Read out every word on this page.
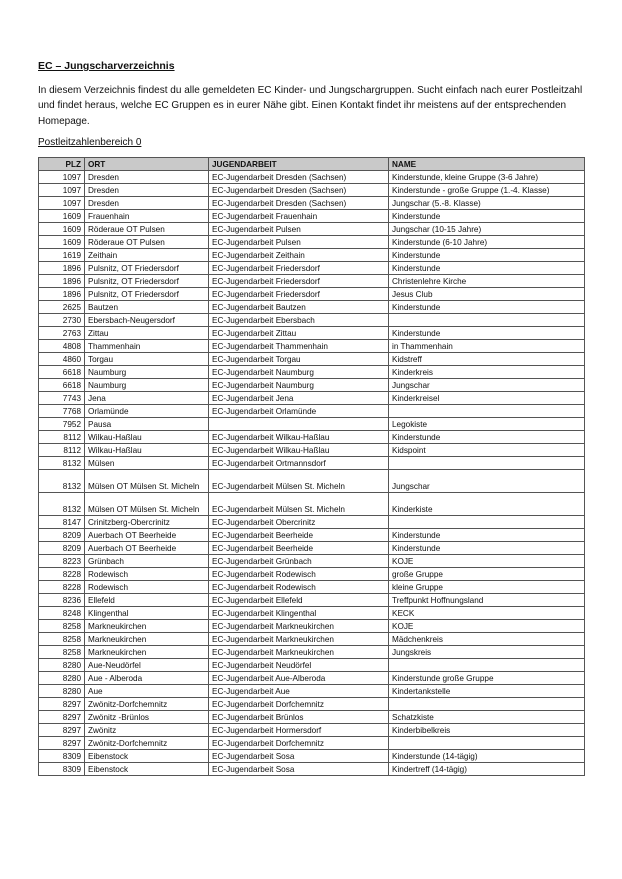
EC – Jungscharverzeichnis
In diesem Verzeichnis findest du alle gemeldeten EC Kinder- und Jungschargruppen. Sucht einfach nach eurer Postleitzahl und findet heraus, welche EC Gruppen es in eurer Nähe gibt. Einen Kontakt findet ihr meistens auf der entsprechenden Homepage.
Postleitzahlenbereich 0
PLZ	ORT	JUGENDARBEIT	NAME
1097	Dresden	EC-Jugendarbeit Dresden (Sachsen)	Kinderstunde, kleine Gruppe (3-6 Jahre)
1097	Dresden	EC-Jugendarbeit Dresden (Sachsen)	Kinderstunde - große Gruppe (1.-4. Klasse)
1097	Dresden	EC-Jugendarbeit Dresden (Sachsen)	Jungschar (5.-8. Klasse)
1609	Frauenhain	EC-Jugendarbeit Frauenhain	Kinderstunde
1609	Röderaue OT Pulsen	EC-Jugendarbeit Pulsen	Jungschar (10-15 Jahre)
1609	Röderaue OT Pulsen	EC-Jugendarbeit Pulsen	Kinderstunde (6-10 Jahre)
1619	Zeithain	EC-Jugendarbeit Zeithain	Kinderstunde
1896	Pulsnitz, OT Friedersdorf	EC-Jugendarbeit Friedersdorf	Kinderstunde
1896	Pulsnitz, OT Friedersdorf	EC-Jugendarbeit Friedersdorf	Christenlehre Kirche
1896	Pulsnitz, OT Friedersdorf	EC-Jugendarbeit Friedersdorf	Jesus Club
2625	Bautzen	EC-Jugendarbeit Bautzen	Kinderstunde
2730	Ebersbach-Neugersdorf	EC-Jugendarbeit Ebersbach	
2763	Zittau	EC-Jugendarbeit Zittau	Kinderstunde
4808	Thammenhain	EC-Jugendarbeit Thammenhain	in Thammenhain
4860	Torgau	EC-Jugendarbeit Torgau	Kidstreff
6618	Naumburg	EC-Jugendarbeit Naumburg	Kinderkreis
6618	Naumburg	EC-Jugendarbeit Naumburg	Jungschar
7743	Jena	EC-Jugendarbeit Jena	Kinderkreisel
7768	Orlamünde	EC-Jugendarbeit Orlamünde	
7952	Pausa		Legokiste
8112	Wilkau-Haßlau	EC-Jugendarbeit Wilkau-Haßlau	Kinderstunde
8112	Wilkau-Haßlau	EC-Jugendarbeit Wilkau-Haßlau	Kidspoint
8132	Mülsen	EC-Jugendarbeit Ortmannsdorf	
8132	Mülsen OT Mülsen St. Micheln	EC-Jugendarbeit Mülsen St. Micheln	Jungschar
8132	Mülsen OT Mülsen St. Micheln	EC-Jugendarbeit Mülsen St. Micheln	Kinderkiste
8147	Crinitzberg-Obercrinitz	EC-Jugendarbeit Obercrinitz	
8209	Auerbach OT Beerheide	EC-Jugendarbeit Beerheide	Kinderstunde
8209	Auerbach OT Beerheide	EC-Jugendarbeit Beerheide	Kinderstunde
8223	Grünbach	EC-Jugendarbeit Grünbach	KOJE
8228	Rodewisch	EC-Jugendarbeit Rodewisch	große Gruppe
8228	Rodewisch	EC-Jugendarbeit Rodewisch	kleine Gruppe
8236	Ellefeld	EC-Jugendarbeit Ellefeld	Treffpunkt Hoffnungsland
8248	Klingenthal	EC-Jugendarbeit Klingenthal	KECK
8258	Markneukirchen	EC-Jugendarbeit Markneukirchen	KOJE
8258	Markneukirchen	EC-Jugendarbeit Markneukirchen	Mädchenkreis
8258	Markneukirchen	EC-Jugendarbeit Markneukirchen	Jungskreis
8280	Aue-Neudörfel	EC-Jugendarbeit Neudörfel	
8280	Aue - Alberoda	EC-Jugendarbeit Aue-Alberoda	Kinderstunde große Gruppe
8280	Aue	EC-Jugendarbeit Aue	Kindertankstelle
8297	Zwönitz-Dorfchemnitz	EC-Jugendarbeit Dorfchemnitz	
8297	Zwönitz -Brünlos	EC-Jugendarbeit Brünlos	Schatzkiste
8297	Zwönitz	EC-Jugendarbeit Hormersdorf	Kinderbibelkreis
8297	Zwönitz-Dorfchemnitz	EC-Jugendarbeit Dorfchemnitz	
8309	Eibenstock	EC-Jugendarbeit Sosa	Kinderstunde (14-tägig)
8309	Eibenstock	EC-Jugendarbeit Sosa	Kindertreff (14-tägig)
